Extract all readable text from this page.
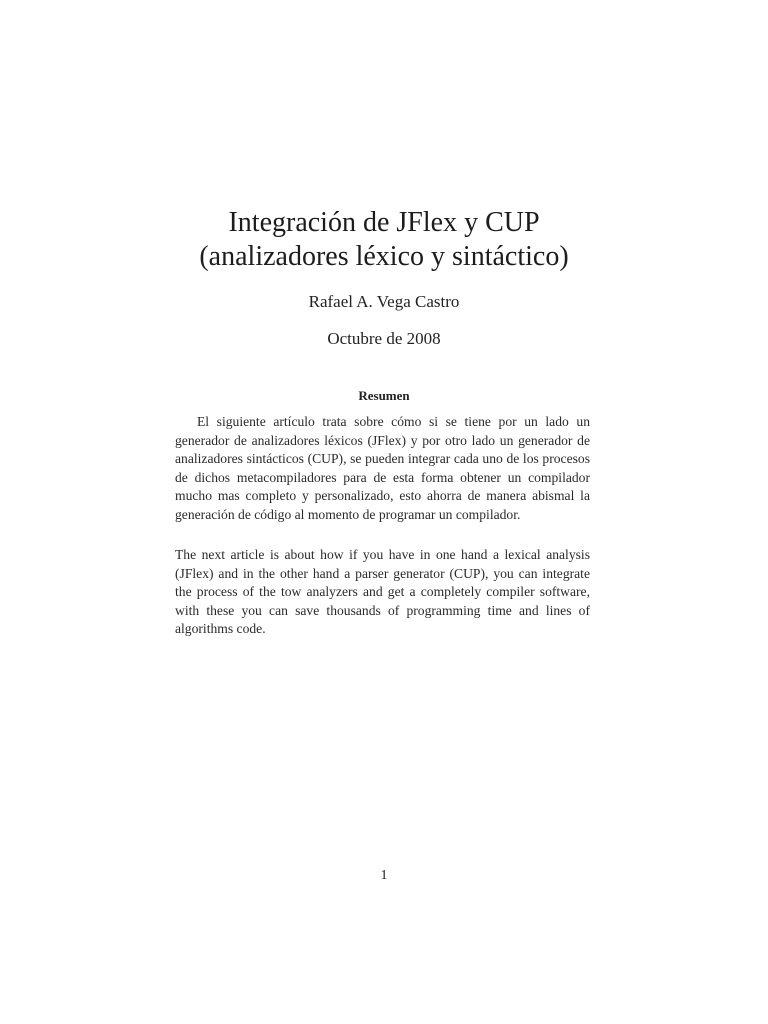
Integración de JFlex y CUP
(analizadores léxico y sintáctico)
Rafael A. Vega Castro
Octubre de 2008
Resumen

El siguiente artículo trata sobre cómo si se tiene por un lado un generador de analizadores léxicos (JFlex) y por otro lado un generador de analizadores sintácticos (CUP), se pueden integrar cada uno de los procesos de dichos metacompiladores para de esta forma obtener un compilador mucho mas completo y personalizado, esto ahorra de manera abismal la generación de código al momento de programar un compilador.

The next article is about how if you have in one hand a lexical analysis (JFlex) and in the other hand a parser generator (CUP), you can integrate the process of the tow analyzers and get a completely compiler software, with these you can save thousands of programming time and lines of algorithms code.

1
